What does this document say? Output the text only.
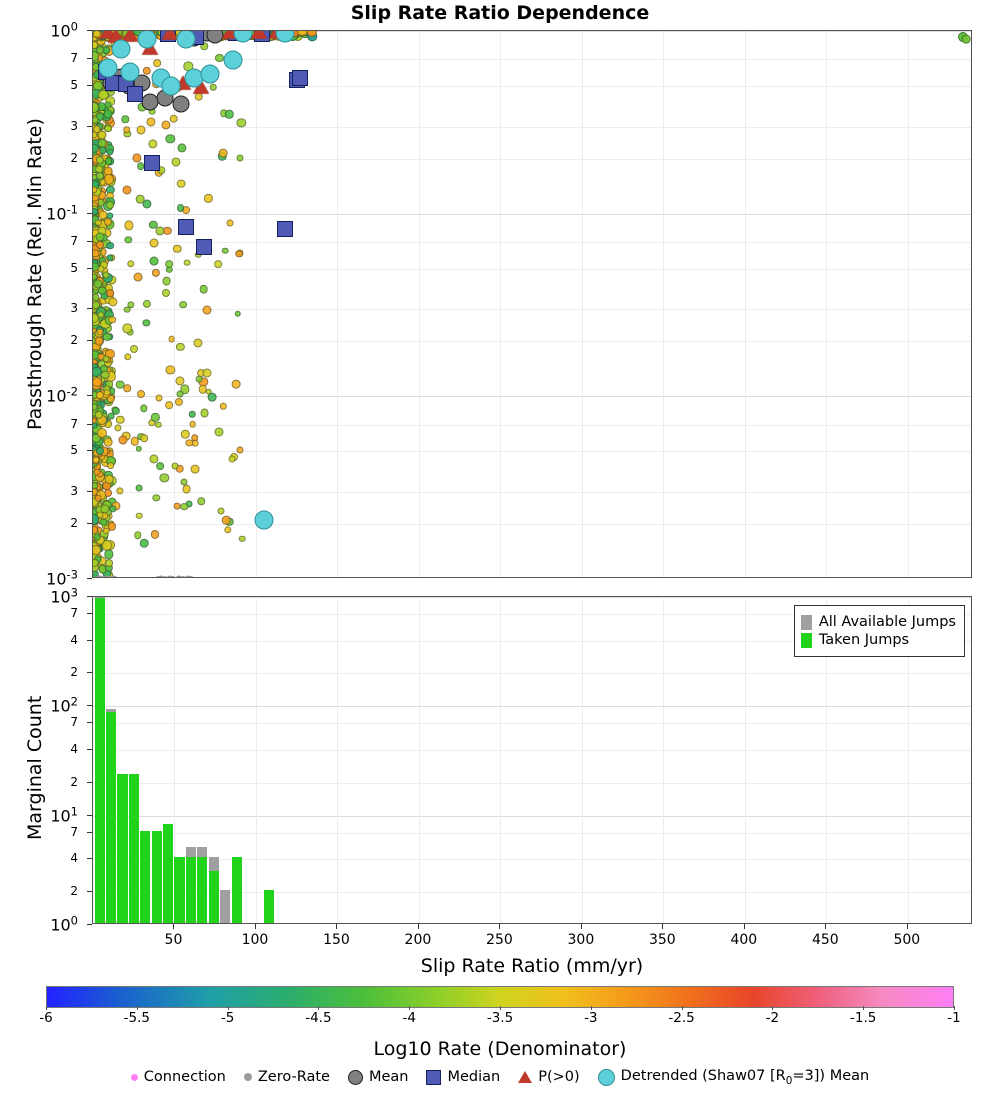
Slip Rate Ratio Dependence
$10^0$
7
5
3
2
$10^{-1}$
7
5
3
2
$10^{-2}$
7
5
3
2
$10^{-3}$
Passthrough Rate (Rel. Min Rate)
All Available Jumps
Taken Jumps
$10^3$
7
4
2
$10^2$
7
4
2
$10^1$
7
4
2
$10^0$
50	100	150	200	250	300	350	400	450	500
Marginal Count
Slip Rate Ratio (mm/yr)
-6	-5.5	-5	-4.5	-4	-3.5	-3	-2.5	-2	-1.5	-1
Log10 Rate (Denominator)
Connection Zero-Rate	Mean	Median	P(>0)	Detrended (Shaw07 $[R_0=3]$) Mean
